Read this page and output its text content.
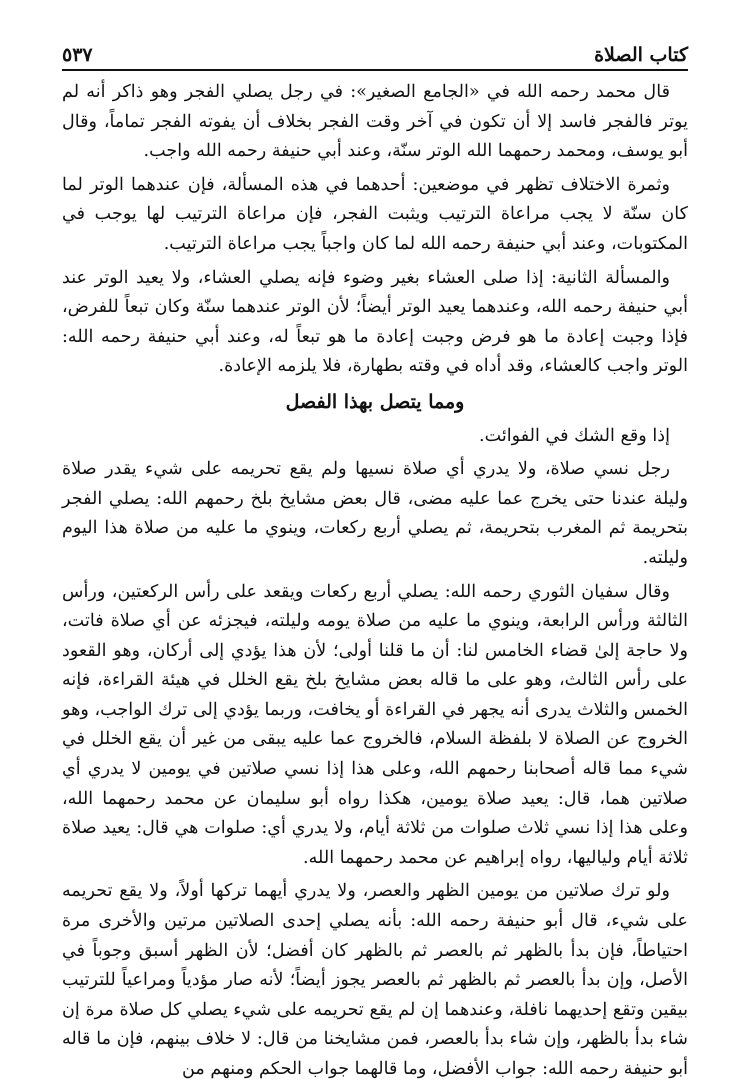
كتاب الصلاة
٥٣٧

قال محمد رحمه الله في «الجامع الصغير»: في رجل يصلي الفجر وهو ذاكر أنه لم يوتر فالفجر فاسد إلا أن تكون في آخر وقت الفجر بخلاف أن يفوته الفجر تماماً، وقال أبو يوسف، ومحمد رحمهما الله الوتر سنّة، وعند أبي حنيفة رحمه الله واجب.

وثمرة الاختلاف تظهر في موضعين: أحدهما في هذه المسألة، فإن عندهما الوتر لما كان سنّة لا يجب مراعاة الترتيب ويثبت الفجر، فإن مراعاة الترتيب لها يوجب في المكتوبات، وعند أبي حنيفة رحمه الله لما كان واجباً يجب مراعاة الترتيب.

والمسألة الثانية: إذا صلى العشاء بغير وضوء فإنه يصلي العشاء، ولا يعيد الوتر عند أبي حنيفة رحمه الله، وعندهما يعيد الوتر أيضاً؛ لأن الوتر عندهما سنّة وكان تبعاً للفرض، فإذا وجبت إعادة ما هو فرض وجبت إعادة ما هو تبعاً له، وعند أبي حنيفة رحمه الله: الوتر واجب كالعشاء، وقد أداه في وقته بطهارة، فلا يلزمه الإعادة.

ومما يتصل بهذا الفصل

إذا وقع الشك في الفوائت.

رجل نسي صلاة، ولا يدري أي صلاة نسيها ولم يقع تحريمه على شيء يقدر صلاة وليلة عندنا حتى يخرج عما عليه مضى، قال بعض مشايخ بلخ رحمهم الله: يصلي الفجر بتحريمة ثم المغرب بتحريمة، ثم يصلي أربع ركعات، وينوي ما عليه من صلاة هذا اليوم وليلته.

وقال سفيان الثوري رحمه الله: يصلي أربع ركعات ويقعد على رأس الركعتين، ورأس الثالثة ورأس الرابعة، وينوي ما عليه من صلاة يومه وليلته، فيجزئه عن أي صلاة فاتت، ولا حاجة إلىٰ قضاء الخامس لنا: أن ما قلنا أولى؛ لأن هذا يؤدي إلى أركان، وهو القعود على رأس الثالث، وهو على ما قاله بعض مشايخ بلخ يقع الخلل في هيئة القراءة، فإنه الخمس والثلاث يدرى أنه يجهر في القراءة أو يخافت، وربما يؤدي إلى ترك الواجب، وهو الخروج عن الصلاة لا بلفظة السلام، فالخروج عما عليه يبقى من غير أن يقع الخلل في شيء مما قاله أصحابنا رحمهم الله، وعلى هذا إذا نسي صلاتين في يومين لا يدري أي صلاتين هما، قال: يعيد صلاة يومين، هكذا رواه أبو سليمان عن محمد رحمهما الله، وعلى هذا إذا نسي ثلاث صلوات من ثلاثة أيام، ولا يدري أي: صلوات هي قال: يعيد صلاة ثلاثة أيام ولياليها، رواه إبراهيم عن محمد رحمهما الله.

ولو ترك صلاتين من يومين الظهر والعصر، ولا يدري أيهما تركها أولاً، ولا يقع تحريمه على شيء، قال أبو حنيفة رحمه الله: بأنه يصلي إحدى الصلاتين مرتين والأخرى مرة احتياطاً، فإن بدأ بالظهر ثم بالعصر ثم بالظهر كان أفضل؛ لأن الظهر أسبق وجوباً في الأصل، وإن بدأ بالعصر ثم بالظهر ثم بالعصر يجوز أيضاً؛ لأنه صار مؤدياً ومراعياً للترتيب بيقين وتقع إحديهما نافلة، وعندهما إن لم يقع تحريمه على شيء يصلي كل صلاة مرة إن شاء بدأ بالظهر، وإن شاء بدأ بالعصر، فمن مشايخنا من قال: لا خلاف بينهم، فإن ما قاله أبو حنيفة رحمه الله: جواب الأفضل، وما قالهما جواب الحكم ومنهم من
